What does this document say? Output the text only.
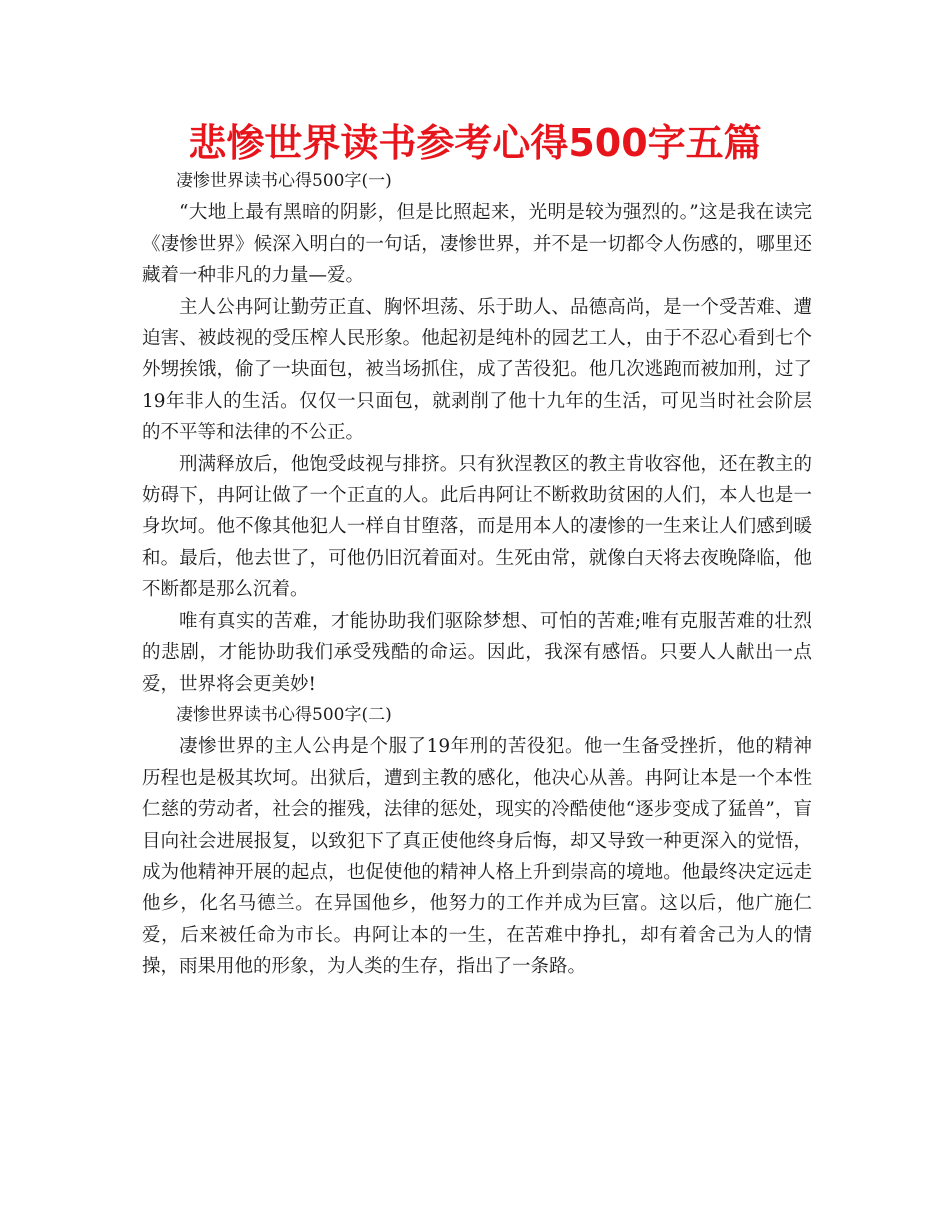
悲惨世界读书参考心得500字五篇

凄惨世界读书心得500字(一)

“大地上最有黑暗的阴影，但是比照起来，光明是较为强烈的。”这是我在读完《凄惨世界》候深入明白的一句话，凄惨世界，并不是一切都令人伤感的，哪里还藏着一种非凡的力量—爱。

主人公冉阿让勤劳正直、胸怀坦荡、乐于助人、品德高尚，是一个受苦难、遭迫害、被歧视的受压榨人民形象。他起初是纯朴的园艺工人，由于不忍心看到七个外甥挨饿，偷了一块面包，被当场抓住，成了苦役犯。他几次逃跑而被加刑，过了19年非人的生活。仅仅一只面包，就剥削了他十九年的生活，可见当时社会阶层的不平等和法律的不公正。

刑满释放后，他饱受歧视与排挤。只有狄涅教区的教主肯收容他，还在教主的妨碍下，冉阿让做了一个正直的人。此后冉阿让不断救助贫困的人们，本人也是一身坎坷。他不像其他犯人一样自甘堕落，而是用本人的凄惨的一生来让人们感到暖和。最后，他去世了，可他仍旧沉着面对。生死由常，就像白天将去夜晚降临，他不断都是那么沉着。

唯有真实的苦难，才能协助我们驱除梦想、可怕的苦难;唯有克服苦难的壮烈的悲剧，才能协助我们承受残酷的命运。因此，我深有感悟。只要人人献出一点爱，世界将会更美妙!

凄惨世界读书心得500字(二)

凄惨世界的主人公冉是个服了19年刑的苦役犯。他一生备受挫折，他的精神历程也是极其坎坷。出狱后，遭到主教的感化，他决心从善。冉阿让本是一个本性仁慈的劳动者，社会的摧残，法律的惩处，现实的冷酷使他“逐步变成了猛兽”，盲目向社会进展报复，以致犯下了真正使他终身后悔，却又导致一种更深入的觉悟，成为他精神开展的起点，也促使他的精神人格上升到崇高的境地。他最终决定远走他乡，化名马德兰。在异国他乡，他努力的工作并成为巨富。这以后，他广施仁爱，后来被任命为市长。冉阿让本的一生，在苦难中挣扎，却有着舍己为人的情操，雨果用他的形象，为人类的生存，指出了一条路。
